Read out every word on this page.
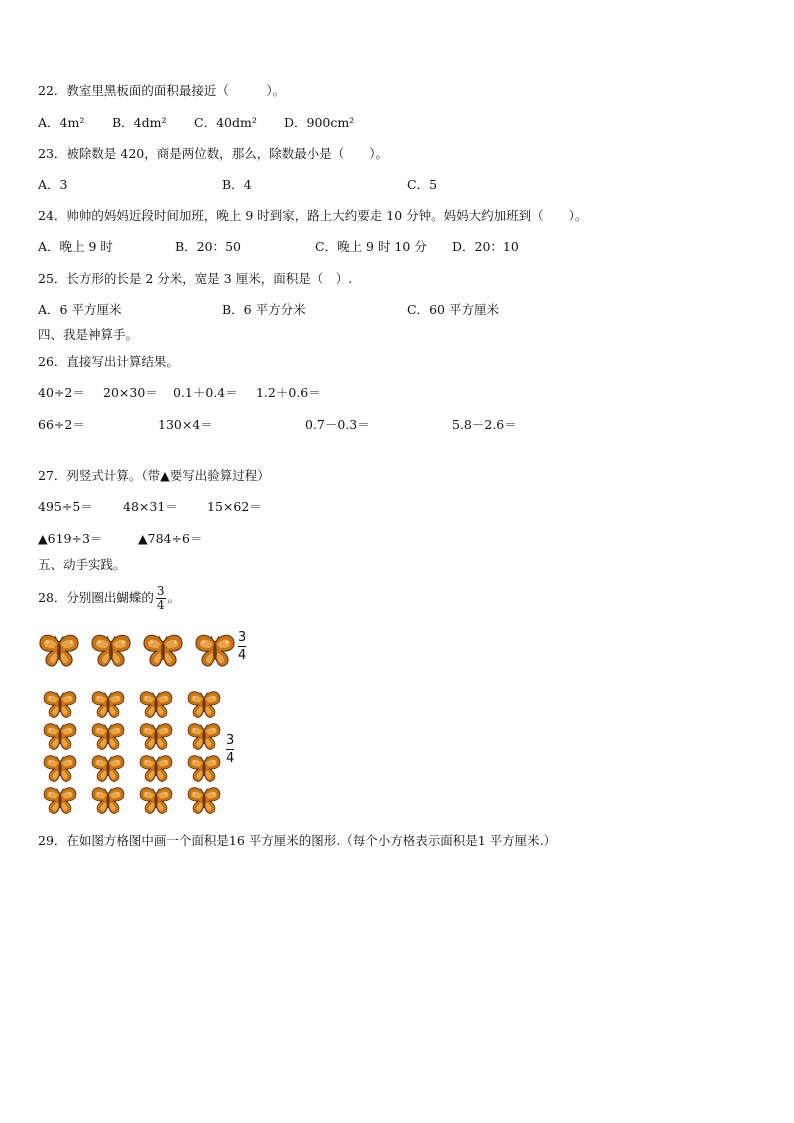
22．教室里黑板面的面积最接近（　　　）。
A．4m² B．4dm² C．40dm² D．900cm²
23．被除数是 420，商是两位数，那么，除数最小是（　　）。
A．3	B．4	C．5
24．帅帅的妈妈近段时间加班，晚上 9 时到家，路上大约要走 10 分钟。妈妈大约加班到（　　）。
A．晚上 9 时	B．20：50	C．晚上 9 时 10 分 D．20：10
25．长方形的长是 2 分米，宽是 3 厘米，面积是（　）.
A．6 平方厘米	B．6 平方分米	C．60 平方厘米
四、我是神算手。
26．直接写出计算结果。
40÷2＝ 20×30＝ 0.1＋0.4＝ 1.2＋0.6＝
66÷2＝	130×4＝	0.7－0.3＝	5.8－2.6＝
27．列竖式计算。（带▲要写出验算过程）
495÷5＝ 48×31＝ 15×62＝
▲619÷3＝	▲784÷6＝
五、动手实践。
28．分别圈出蝴蝶的 $\frac{3}{4}$ 。
3
4
3
4
29．在如图方格图中画一个面积是16 平方厘米的图形.（每个小方格表示面积是1 平方厘米.）
